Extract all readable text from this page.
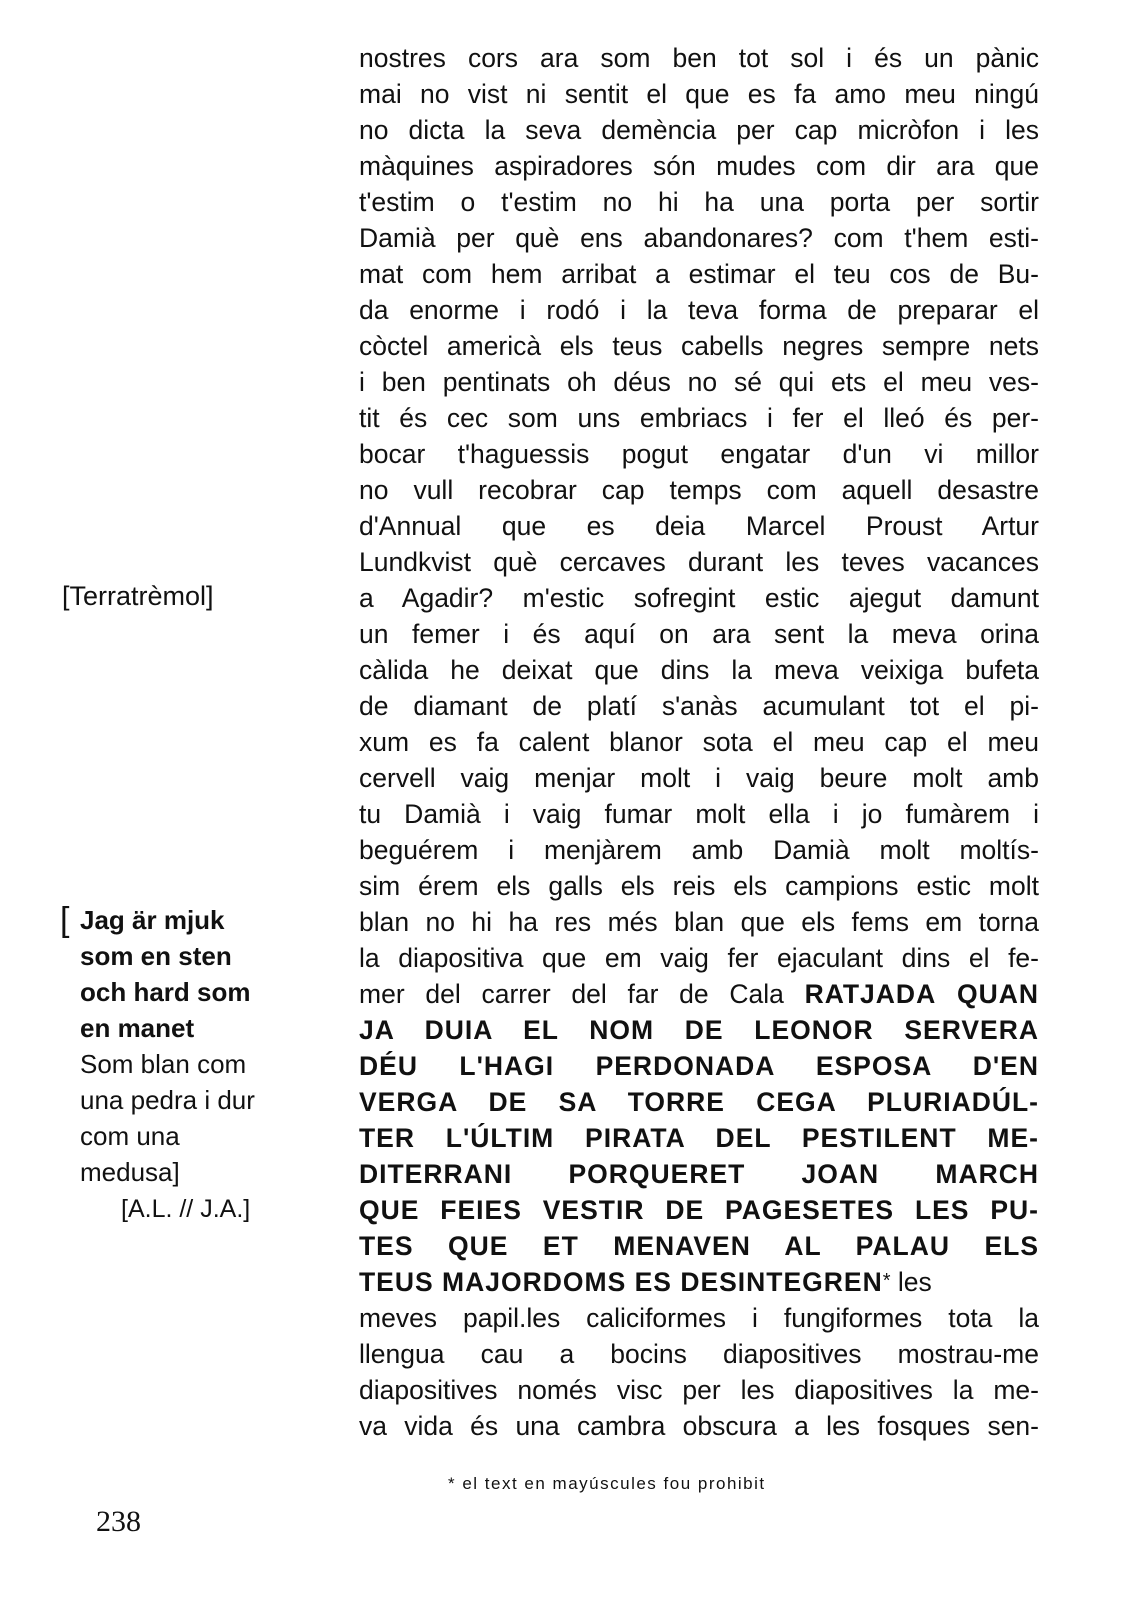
[Terratrèmol]
[ Jag är mjuk
som en sten
och hard som
en manet
Som blan com
una pedra i dur
com una
medusa]
[A.L. // J.A.]
nostres cors ara som ben tot sol i és un pànic
mai no vist ni sentit el que es fa amo meu ningú
no dicta la seva demència per cap micròfon i les
màquines aspiradores són mudes com dir ara que
t'estim o t'estim no hi ha una porta per sortir
Damià per què ens abandonares? com t'hem esti-
mat com hem arribat a estimar el teu cos de Bu-
da enorme i rodó i la teva forma de preparar el
còctel americà els teus cabells negres sempre nets
i ben pentinats oh déus no sé qui ets el meu ves-
tit és cec som uns embriacs i fer el lleó és per-
bocar t'haguessis pogut engatar d'un vi millor
no vull recobrar cap temps com aquell desastre
d'Annual que es deia Marcel Proust Artur
Lundkvist què cercaves durant les teves vacances
a Agadir? m'estic sofregint estic ajegut damunt
un femer i és aquí on ara sent la meva orina
càlida he deixat que dins la meva veixiga bufeta
de diamant de platí s'anàs acumulant tot el pi-
xum es fa calent blanor sota el meu cap el meu
cervell vaig menjar molt i vaig beure molt amb
tu Damià i vaig fumar molt ella i jo fumàrem i
beguérem i menjàrem amb Damià molt moltís-
sim érem els galls els reis els campions estic molt
blan no hi ha res més blan que els fems em torna
la diapositiva que em vaig fer ejaculant dins el fe-
mer del carrer del far de Cala RATJADA QUAN
JA DUIA EL NOM DE LEONOR SERVERA
DÉU L'HAGI PERDONADA ESPOSA D'EN
VERGA DE SA TORRE CEGA PLURIADÚL-
TER L'ÚLTIM PIRATA DEL PESTILENT ME-
DITERRANI PORQUERET JOAN MARCH
QUE FEIES VESTIR DE PAGESETES LES PU-
TES QUE ET MENAVEN AL PALAU ELS
TEUS MAJORDOMS ES DESINTEGREN* les
meves papil.les caliciformes i fungiformes tota la
llengua cau a bocins diapositives mostrau-me
diapositives només visc per les diapositives la me-
va vida és una cambra obscura a les fosques sen-
* el text en mayúscules fou prohibit
238
